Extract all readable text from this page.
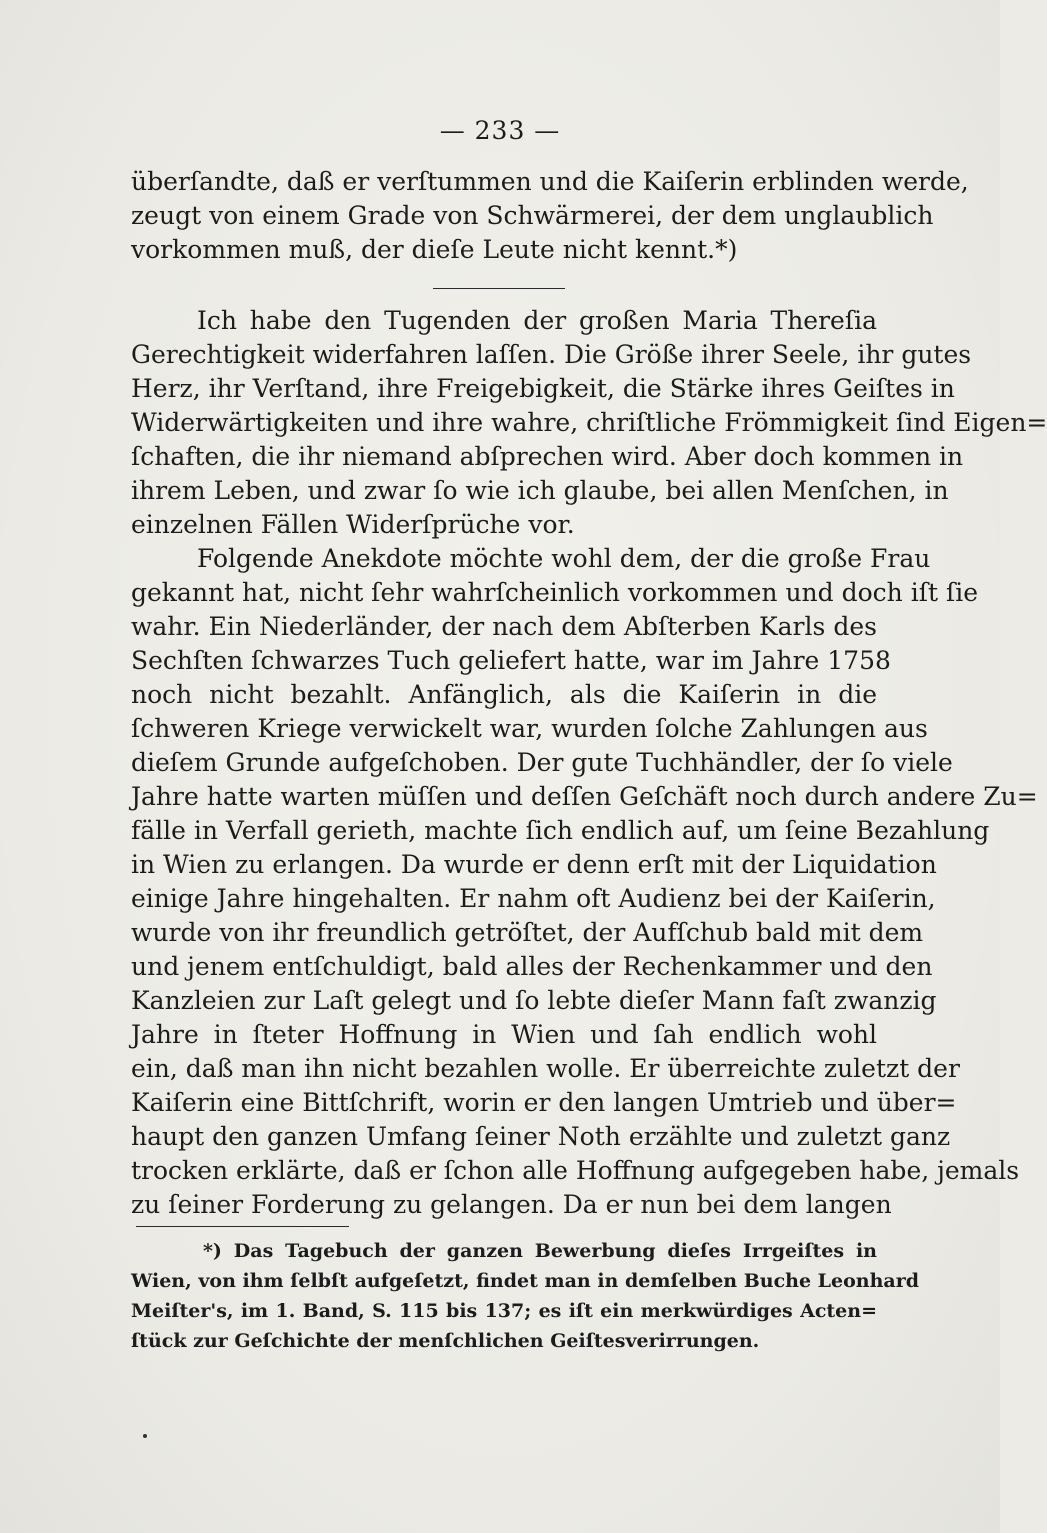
— 233 —
überſandte, daß er verſtummen und die Kaiſerin erblinden werde,
zeugt von einem Grade von Schwärmerei, der dem unglaublich
vorkommen muß, der dieſe Leute nicht kennt.*)
Ich habe den Tugenden der großen Maria Thereſia
Gerechtigkeit widerfahren laſſen. Die Größe ihrer Seele, ihr gutes
Herz, ihr Verſtand, ihre Freigebigkeit, die Stärke ihres Geiſtes in
Widerwärtigkeiten und ihre wahre, chriſtliche Frömmigkeit ſind Eigen=
ſchaften, die ihr niemand abſprechen wird. Aber doch kommen in
ihrem Leben, und zwar ſo wie ich glaube, bei allen Menſchen, in
einzelnen Fällen Widerſprüche vor.
Folgende Anekdote möchte wohl dem, der die große Frau
gekannt hat, nicht ſehr wahrſcheinlich vorkommen und doch iſt ſie
wahr. Ein Niederländer, der nach dem Abſterben Karls des
Sechſten ſchwarzes Tuch geliefert hatte, war im Jahre 1758
noch nicht bezahlt. Anfänglich, als die Kaiſerin in die
ſchweren Kriege verwickelt war, wurden ſolche Zahlungen aus
dieſem Grunde aufgeſchoben. Der gute Tuchhändler, der ſo viele
Jahre hatte warten müſſen und deſſen Geſchäft noch durch andere Zu=
fälle in Verfall gerieth, machte ſich endlich auf, um ſeine Bezahlung
in Wien zu erlangen. Da wurde er denn erſt mit der Liquidation
einige Jahre hingehalten. Er nahm oft Audienz bei der Kaiſerin,
wurde von ihr freundlich getröſtet, der Aufſchub bald mit dem
und jenem entſchuldigt, bald alles der Rechenkammer und den
Kanzleien zur Laſt gelegt und ſo lebte dieſer Mann faſt zwanzig
Jahre in ſteter Hoffnung in Wien und ſah endlich wohl
ein, daß man ihn nicht bezahlen wolle. Er überreichte zuletzt der
Kaiſerin eine Bittſchrift, worin er den langen Umtrieb und über=
haupt den ganzen Umfang ſeiner Noth erzählte und zuletzt ganz
trocken erklärte, daß er ſchon alle Hoffnung aufgegeben habe, jemals
zu ſeiner Forderung zu gelangen. Da er nun bei dem langen
*) Das Tagebuch der ganzen Bewerbung dieſes Irrgeiſtes in
Wien, von ihm ſelbſt aufgeſetzt, findet man in demſelben Buche Leonhard
Meiſter's, im 1. Band, S. 115 bis 137; es iſt ein merkwürdiges Acten=
ſtück zur Geſchichte der menſchlichen Geiſtesverirrungen.
